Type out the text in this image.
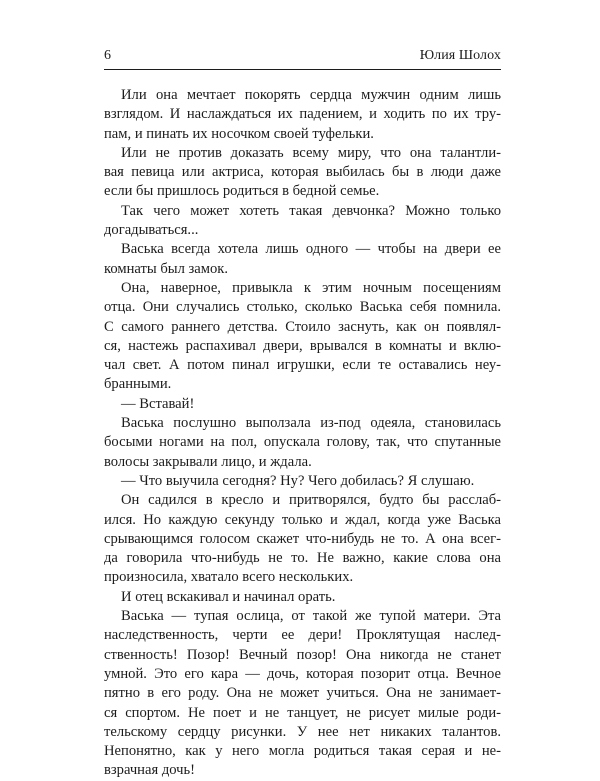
6	Юлия Шолох
Или она мечтает покорять сердца мужчин одним лишь
взглядом. И наслаждаться их падением, и ходить по их тру-
пам, и пинать их носочком своей туфельки.
Или не против доказать всему миру, что она талантли-
вая певица или актриса, которая выбилась бы в люди даже
если бы пришлось родиться в бедной семье.
Так чего может хотеть такая девчонка? Можно только
догадываться...
Васька всегда хотела лишь одного — чтобы на двери ее
комнаты был замок.
Она, наверное, привыкла к этим ночным посещениям
отца. Они случались столько, сколько Васька себя помнила.
С самого раннего детства. Стоило заснуть, как он появлял-
ся, настежь распахивал двери, врывался в комнаты и вклю-
чал свет. А потом пинал игрушки, если те оставались неу-
бранными.
— Вставай!
Васька послушно выползала из-под одеяла, становилась
босыми ногами на пол, опускала голову, так, что спутанные
волосы закрывали лицо, и ждала.
— Что выучила сегодня? Ну? Чего добилась? Я слушаю.
Он садился в кресло и притворялся, будто бы расслаб-
ился. Но каждую секунду только и ждал, когда уже Васька
срывающимся голосом скажет что-нибудь не то. А она всег-
да говорила что-нибудь не то. Не важно, какие слова она
произносила, хватало всего нескольких.
И отец вскакивал и начинал орать.
Васька — тупая ослица, от такой же тупой матери. Эта
наследственность, черти ее дери! Проклятущая наслед-
ственность! Позор! Вечный позор! Она никогда не станет
умной. Это его кара — дочь, которая позорит отца. Вечное
пятно в его роду. Она не может учиться. Она не занимает-
ся спортом. Не поет и не танцует, не рисует милые роди-
тельскому сердцу рисунки. У нее нет никаких талантов.
Непонятно, как у него могла родиться такая серая и не-
взрачная дочь!
